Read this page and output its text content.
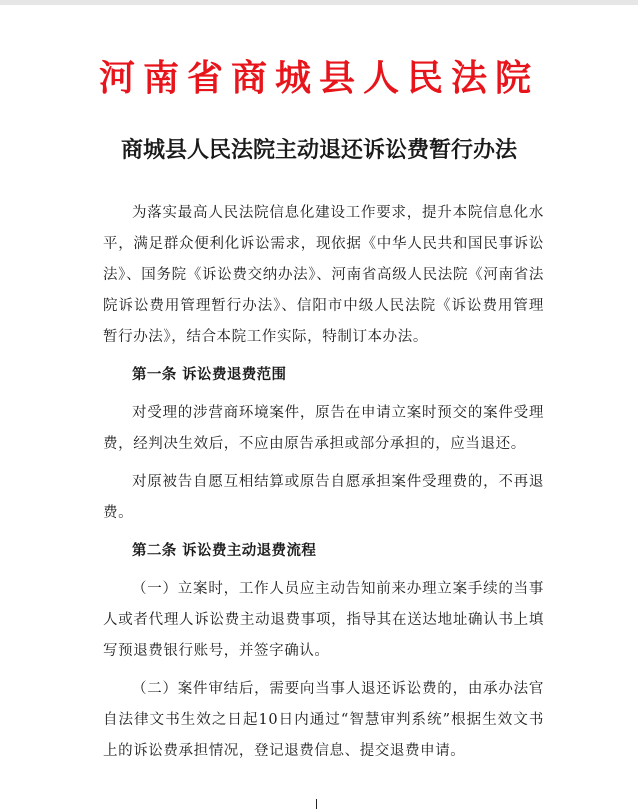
河南省商城县人民法院
商城县人民法院主动退还诉讼费暂行办法

为落实最高人民法院信息化建设工作要求，提升本院信息化水平，满足群众便利化诉讼需求，现依据《中华人民共和国民事诉讼法》、国务院《诉讼费交纳办法》、河南省高级人民法院《河南省法院诉讼费用管理暂行办法》、信阳市中级人民法院《诉讼费用管理暂行办法》，结合本院工作实际，特制订本办法。

第一条 诉讼费退费范围

对受理的涉营商环境案件，原告在申请立案时预交的案件受理费，经判决生效后，不应由原告承担或部分承担的，应当退还。

对原被告自愿互相结算或原告自愿承担案件受理费的，不再退费。

第二条 诉讼费主动退费流程

（一）立案时，工作人员应主动告知前来办理立案手续的当事人或者代理人诉讼费主动退费事项，指导其在送达地址确认书上填写预退费银行账号，并签字确认。

（二）案件审结后，需要向当事人退还诉讼费的，由承办法官自法律文书生效之日起10日内通过“智慧审判系统”根据生效文书上的诉讼费承担情况，登记退费信息、提交退费申请。
